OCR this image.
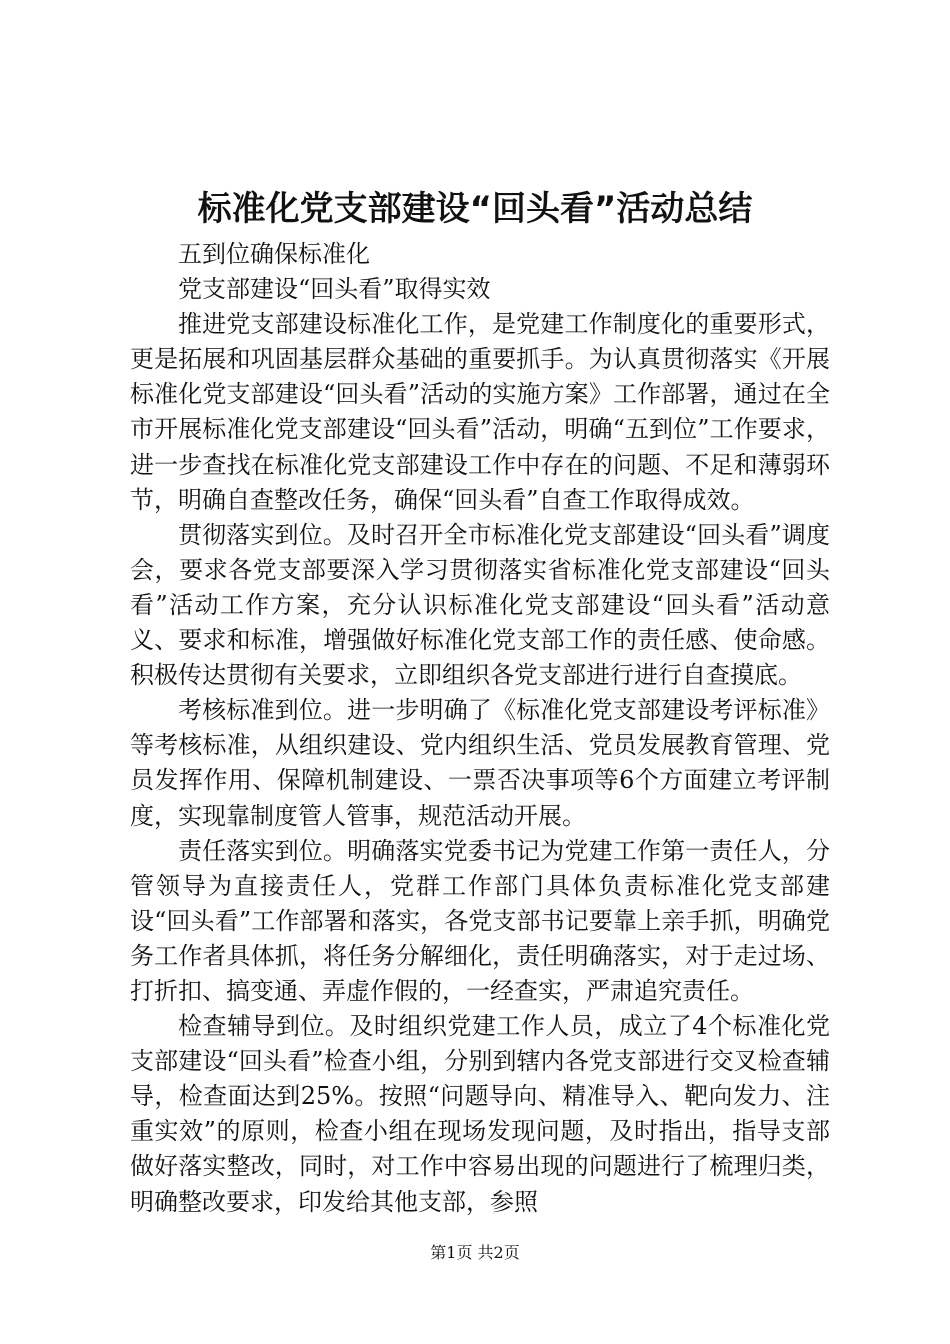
标准化党支部建设“回头看”活动总结

五到位确保标准化

党支部建设“回头看”取得实效

推进党支部建设标准化工作，是党建工作制度化的重要形式，更是拓展和巩固基层群众基础的重要抓手。为认真贯彻落实《开展标准化党支部建设“回头看”活动的实施方案》工作部署，通过在全市开展标准化党支部建设“回头看”活动，明确“五到位”工作要求，进一步查找在标准化党支部建设工作中存在的问题、不足和薄弱环节，明确自查整改任务，确保“回头看”自查工作取得成效。

贯彻落实到位。及时召开全市标准化党支部建设“回头看”调度会，要求各党支部要深入学习贯彻落实省标准化党支部建设“回头看”活动工作方案，充分认识标准化党支部建设“回头看”活动意义、要求和标准，增强做好标准化党支部工作的责任感、使命感。积极传达贯彻有关要求，立即组织各党支部进行进行自查摸底。

考核标准到位。进一步明确了《标准化党支部建设考评标准》等考核标准，从组织建设、党内组织生活、党员发展教育管理、党员发挥作用、保障机制建设、一票否决事项等6个方面建立考评制度，实现靠制度管人管事，规范活动开展。

责任落实到位。明确落实党委书记为党建工作第一责任人，分管领导为直接责任人，党群工作部门具体负责标准化党支部建设“回头看”工作部署和落实，各党支部书记要靠上亲手抓，明确党务工作者具体抓，将任务分解细化，责任明确落实，对于走过场、打折扣、搞变通、弄虚作假的，一经查实，严肃追究责任。

检查辅导到位。及时组织党建工作人员，成立了4个标准化党支部建设“回头看”检查小组，分别到辖内各党支部进行交叉检查辅导，检查面达到25%。按照“问题导向、精准导入、靶向发力、注重实效”的原则，检查小组在现场发现问题，及时指出，指导支部做好落实整改，同时，对工作中容易出现的问题进行了梳理归类，明确整改要求，印发给其他支部，参照

第1页 共2页
